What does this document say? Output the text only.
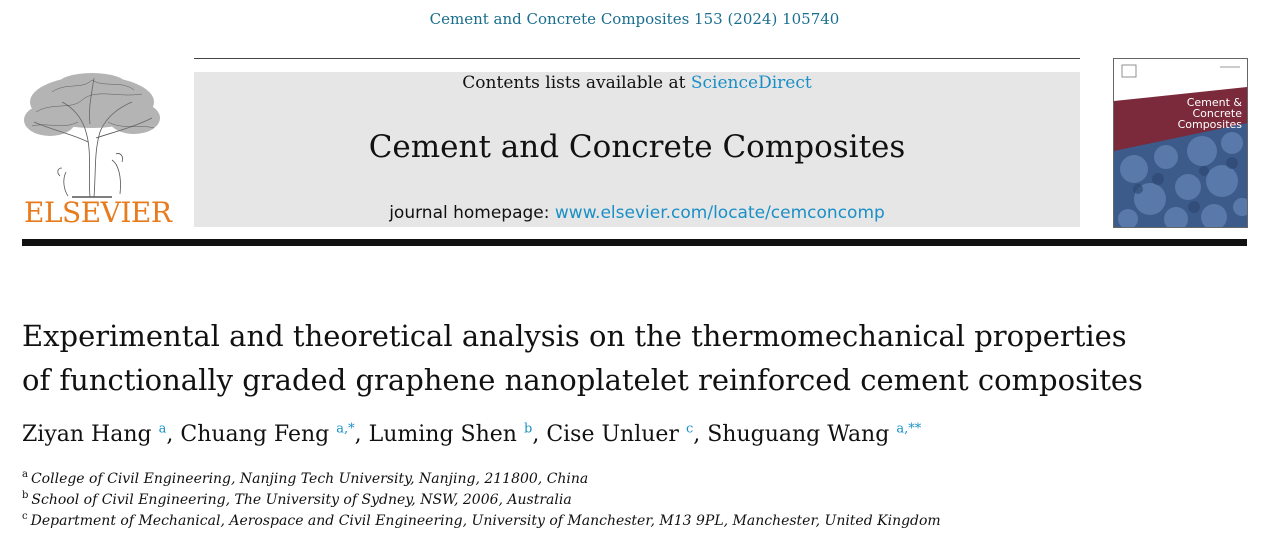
Cement and Concrete Composites 153 (2024) 105740
ELSEVIER
Contents lists available at ScienceDirect
Cement and Concrete Composites
journal homepage: www.elsevier.com/locate/cemconcomp
Cement &
Concrete
Composites
Experimental and theoretical analysis on the thermomechanical properties
of functionally graded graphene nanoplatelet reinforced cement composites
Ziyan Hang $^a$, Chuang Feng $^{a,*}$, Luming Shen $^b$, Cise Unluer $^c$, Shuguang Wang $^{a,**}$
$^a$ College of Civil Engineering, Nanjing Tech University, Nanjing, 211800, China
$^b$ School of Civil Engineering, The University of Sydney, NSW, 2006, Australia
$^c$ Department of Mechanical, Aerospace and Civil Engineering, University of Manchester, M13 9PL, Manchester, United Kingdom
